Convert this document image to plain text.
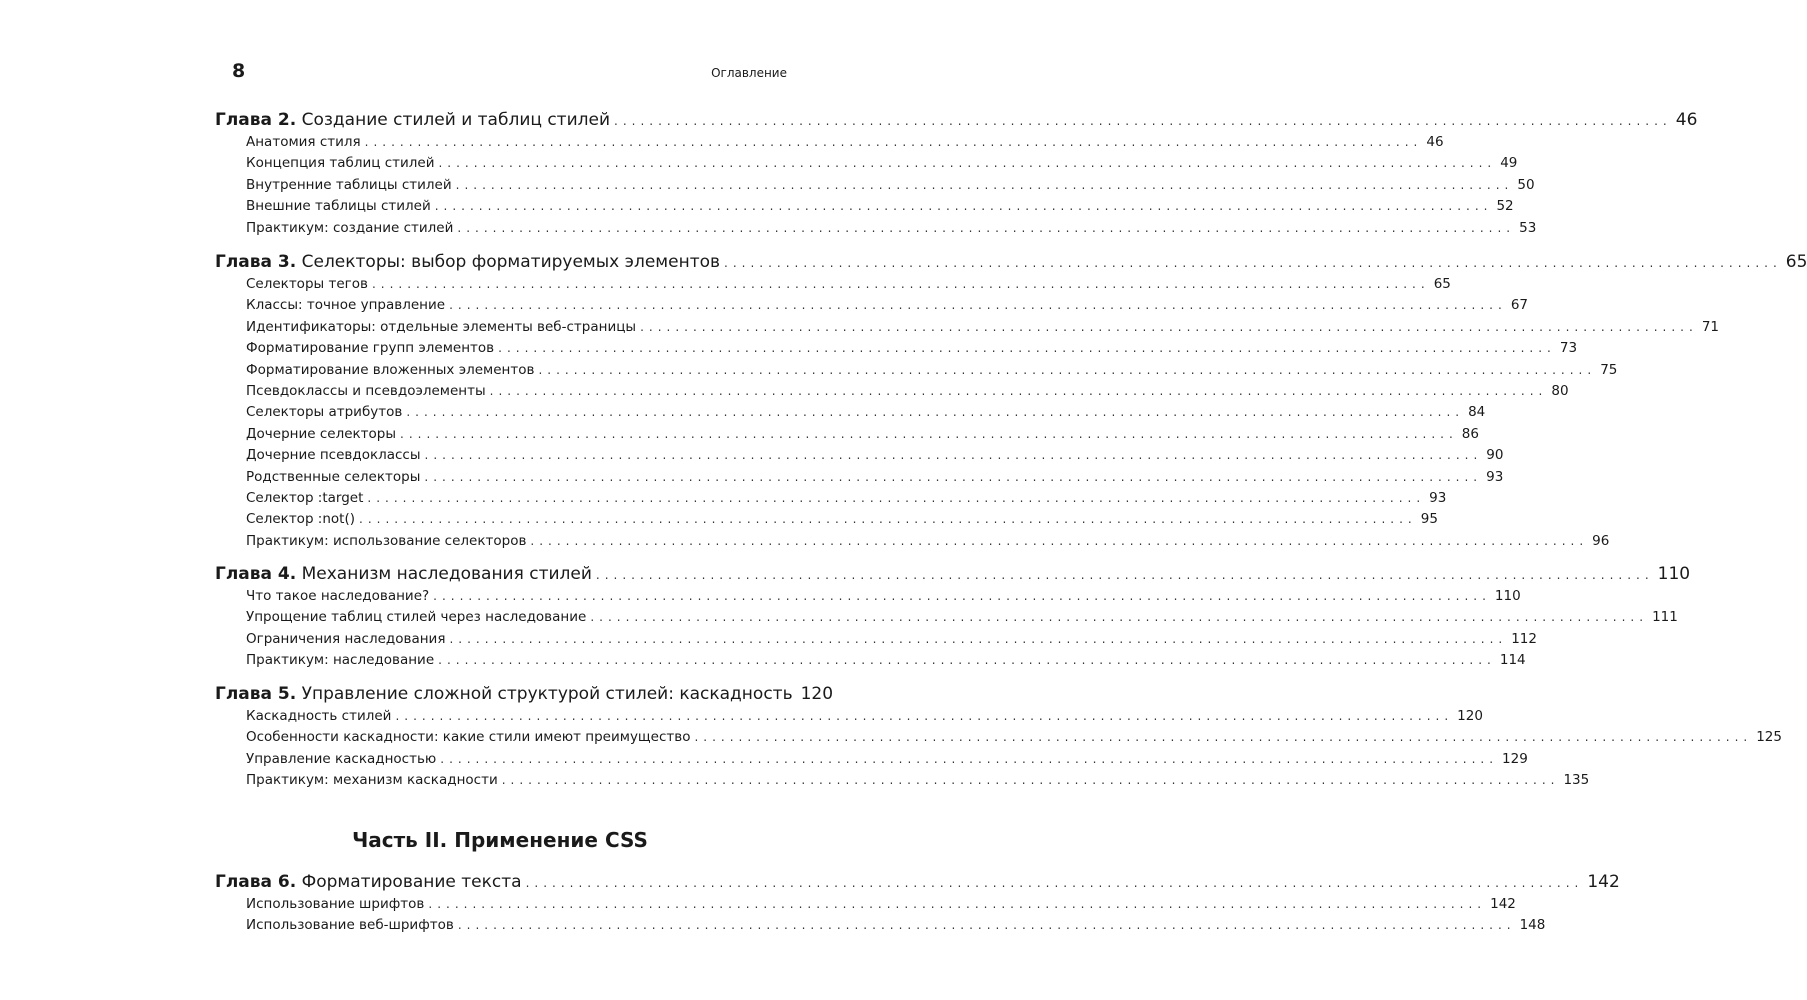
8	Оглавление
Глава 2. Создание стилей и таблиц стилей ........................................................................................................................ 46
Анатомия стиля ........................................................................................................................ 46
Концепция таблиц стилей ........................................................................................................................ 49
Внутренние таблицы стилей ........................................................................................................................ 50
Внешние таблицы стилей ........................................................................................................................ 52
Практикум: создание стилей ........................................................................................................................ 53
Глава 3. Селекторы: выбор форматируемых элементов ........................................................................................................................ 65
Селекторы тегов ........................................................................................................................ 65
Классы: точное управление ........................................................................................................................ 67
Идентификаторы: отдельные элементы веб-страницы ........................................................................................................................ 71
Форматирование групп элементов ........................................................................................................................ 73
Форматирование вложенных элементов ........................................................................................................................ 75
Псевдоклассы и псевдоэлементы ........................................................................................................................ 80
Селекторы атрибутов ........................................................................................................................ 84
Дочерние селекторы ........................................................................................................................ 86
Дочерние псевдоклассы ........................................................................................................................ 90
Родственные селекторы ........................................................................................................................ 93
Селектор :target ........................................................................................................................ 93
Селектор :not() ........................................................................................................................ 95
Практикум: использование селекторов ........................................................................................................................ 96
Глава 4. Механизм наследования стилей ........................................................................................................................ 110
Что такое наследование? ........................................................................................................................ 110
Упрощение таблиц стилей через наследование ........................................................................................................................ 111
Ограничения наследования ........................................................................................................................ 112
Практикум: наследование ........................................................................................................................ 114
Глава 5. Управление сложной структурой стилей: каскадность 120
Каскадность стилей ........................................................................................................................ 120
Особенности каскадности: какие стили имеют преимущество ........................................................................................................................ 125
Управление каскадностью ........................................................................................................................ 129
Практикум: механизм каскадности ........................................................................................................................ 135
Часть II. Применение CSS
Глава 6. Форматирование текста ........................................................................................................................ 142
Использование шрифтов ........................................................................................................................ 142
Использование веб-шрифтов ........................................................................................................................ 148
